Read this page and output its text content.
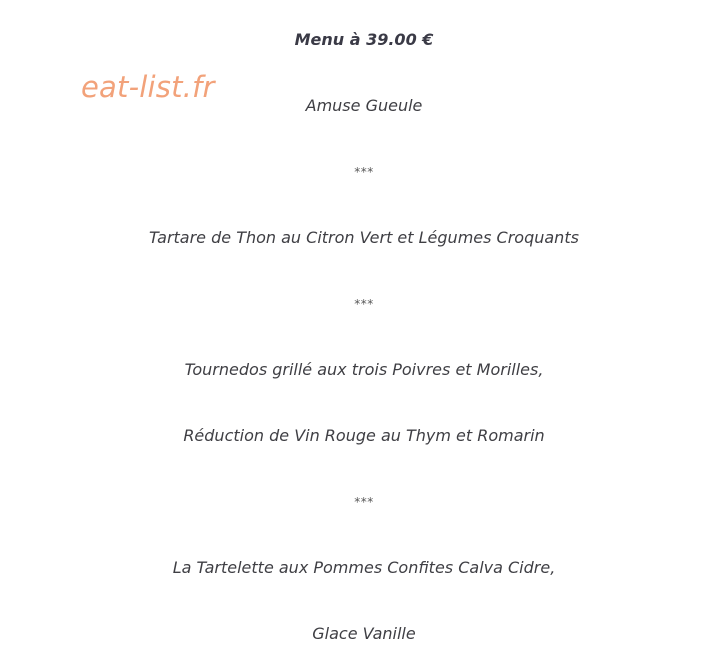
eat-list.fr
Menu à 39.00 €
Amuse Gueule
***
Tartare de Thon au Citron Vert et Légumes Croquants
***
Tournedos grillé aux trois Poivres et Morilles,
Réduction de Vin Rouge au Thym et Romarin
***
La Tartelette aux Pommes Confites Calva Cidre,
Glace Vanille
